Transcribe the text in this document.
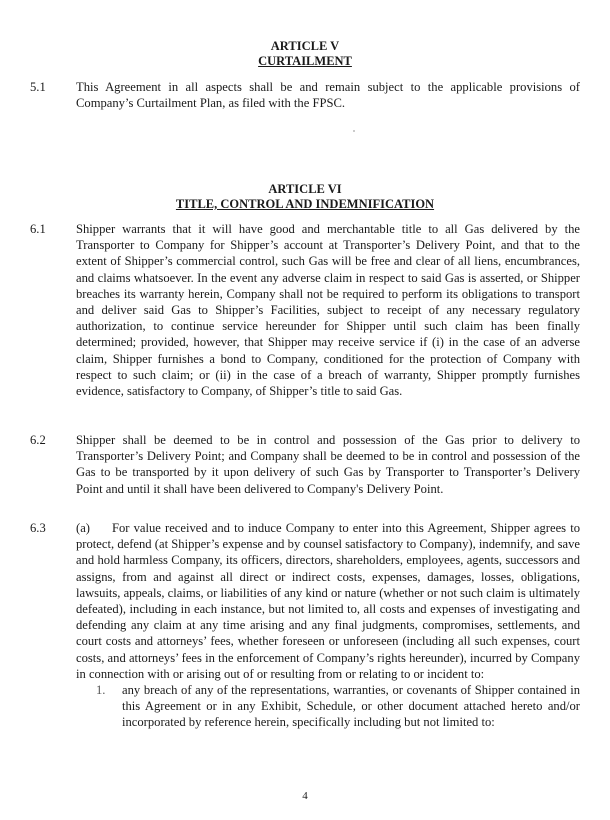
ARTICLE V
CURTAILMENT
5.1	This Agreement in all aspects shall be and remain subject to the applicable provisions of Company’s Curtailment Plan, as filed with the FPSC.
ARTICLE VI
TITLE, CONTROL AND INDEMNIFICATION
6.1	Shipper warrants that it will have good and merchantable title to all Gas delivered by the Transporter to Company for Shipper’s account at Transporter’s Delivery Point, and that to the extent of Shipper’s commercial control, such Gas will be free and clear of all liens, encumbrances, and claims whatsoever. In the event any adverse claim in respect to said Gas is asserted, or Shipper breaches its warranty herein, Company shall not be required to perform its obligations to transport and deliver said Gas to Shipper’s Facilities, subject to receipt of any necessary regulatory authorization, to continue service hereunder for Shipper until such claim has been finally determined; provided, however, that Shipper may receive service if (i) in the case of an adverse claim, Shipper furnishes a bond to Company, conditioned for the protection of Company with respect to such claim; or (ii) in the case of a breach of warranty, Shipper promptly furnishes evidence, satisfactory to Company, of Shipper’s title to said Gas.
6.2	Shipper shall be deemed to be in control and possession of the Gas prior to delivery to Transporter’s Delivery Point; and Company shall be deemed to be in control and possession of the Gas to be transported by it upon delivery of such Gas by Transporter to Transporter’s Delivery Point and until it shall have been delivered to Company's Delivery Point.
6.3	(a) For value received and to induce Company to enter into this Agreement, Shipper agrees to protect, defend (at Shipper’s expense and by counsel satisfactory to Company), indemnify, and save and hold harmless Company, its officers, directors, shareholders, employees, agents, successors and assigns, from and against all direct or indirect costs, expenses, damages, losses, obligations, lawsuits, appeals, claims, or liabilities of any kind or nature (whether or not such claim is ultimately defeated), including in each instance, but not limited to, all costs and expenses of investigating and defending any claim at any time arising and any final judgments, compromises, settlements, and court costs and attorneys’ fees, whether foreseen or unforeseen (including all such expenses, court costs, and attorneys’ fees in the enforcement of Company’s rights hereunder), incurred by Company in connection with or arising out of or resulting from or relating to or incident to:
1. any breach of any of the representations, warranties, or covenants of Shipper contained in this Agreement or in any Exhibit, Schedule, or other document attached hereto and/or incorporated by reference herein, specifically including but not limited to:
4
